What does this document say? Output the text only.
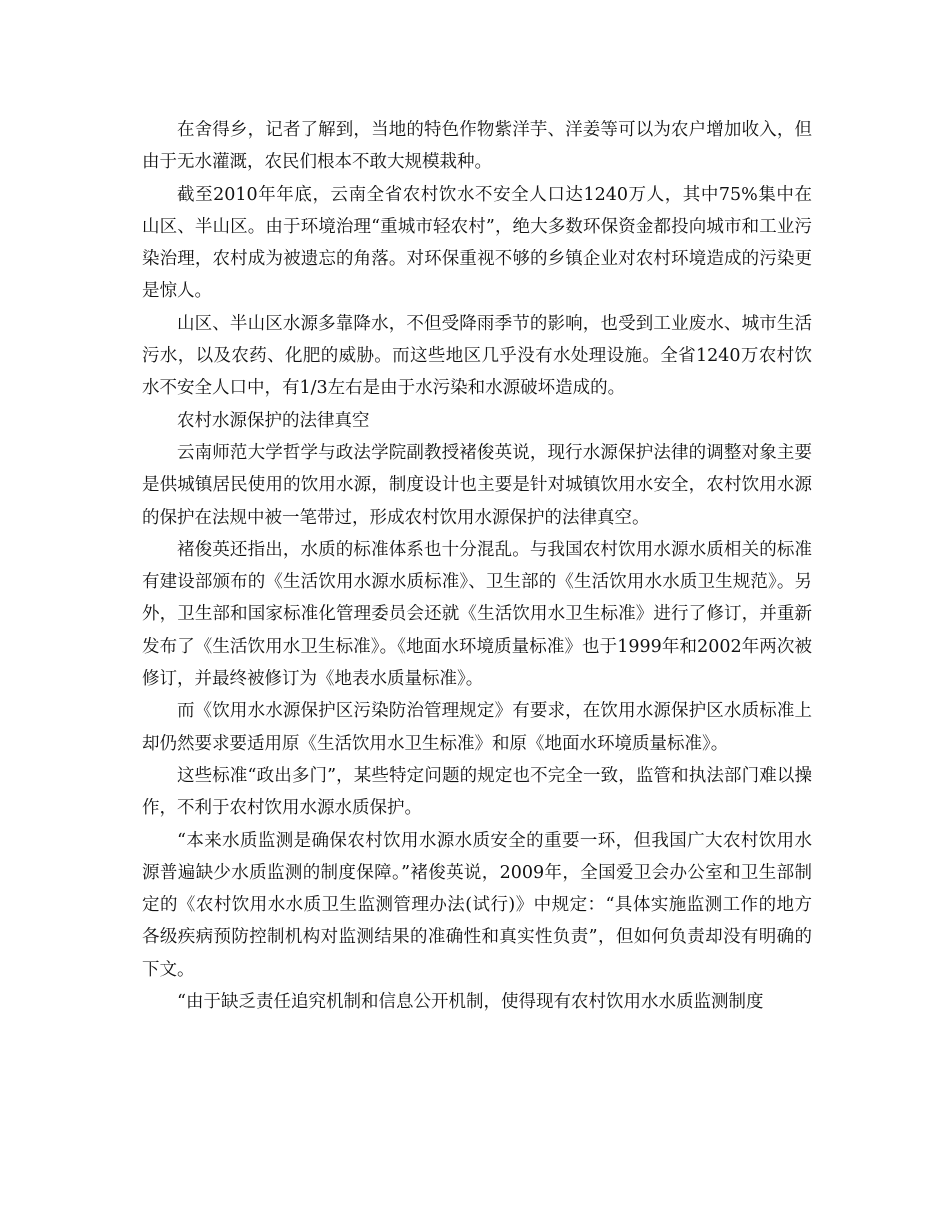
在舍得乡，记者了解到，当地的特色作物紫洋芋、洋姜等可以为农户增加收入，但由于无水灌溉，农民们根本不敢大规模栽种。

截至2010年年底，云南全省农村饮水不安全人口达1240万人，其中75%集中在山区、半山区。由于环境治理“重城市轻农村”，绝大多数环保资金都投向城市和工业污染治理，农村成为被遗忘的角落。对环保重视不够的乡镇企业对农村环境造成的污染更是惊人。

山区、半山区水源多靠降水，不但受降雨季节的影响，也受到工业废水、城市生活污水，以及农药、化肥的威胁。而这些地区几乎没有水处理设施。全省1240万农村饮水不安全人口中，有1/3左右是由于水污染和水源破坏造成的。

农村水源保护的法律真空

云南师范大学哲学与政法学院副教授褚俊英说，现行水源保护法律的调整对象主要是供城镇居民使用的饮用水源，制度设计也主要是针对城镇饮用水安全，农村饮用水源的保护在法规中被一笔带过，形成农村饮用水源保护的法律真空。

褚俊英还指出，水质的标准体系也十分混乱。与我国农村饮用水源水质相关的标准有建设部颁布的《生活饮用水源水质标准》、卫生部的《生活饮用水水质卫生规范》。另外，卫生部和国家标准化管理委员会还就《生活饮用水卫生标准》进行了修订，并重新发布了《生活饮用水卫生标准》。《地面水环境质量标准》也于1999年和2002年两次被修订，并最终被修订为《地表水质量标准》。

而《饮用水水源保护区污染防治管理规定》有要求，在饮用水源保护区水质标准上却仍然要求要适用原《生活饮用水卫生标准》和原《地面水环境质量标准》。

这些标准“政出多门”，某些特定问题的规定也不完全一致，监管和执法部门难以操作，不利于农村饮用水源水质保护。

“本来水质监测是确保农村饮用水源水质安全的重要一环，但我国广大农村饮用水源普遍缺少水质监测的制度保障。”褚俊英说，2009年，全国爱卫会办公室和卫生部制定的《农村饮用水水质卫生监测管理办法(试行)》中规定：“具体实施监测工作的地方各级疾病预防控制机构对监测结果的准确性和真实性负责”，但如何负责却没有明确的下文。

“由于缺乏责任追究机制和信息公开机制，使得现有农村饮用水水质监测制度
